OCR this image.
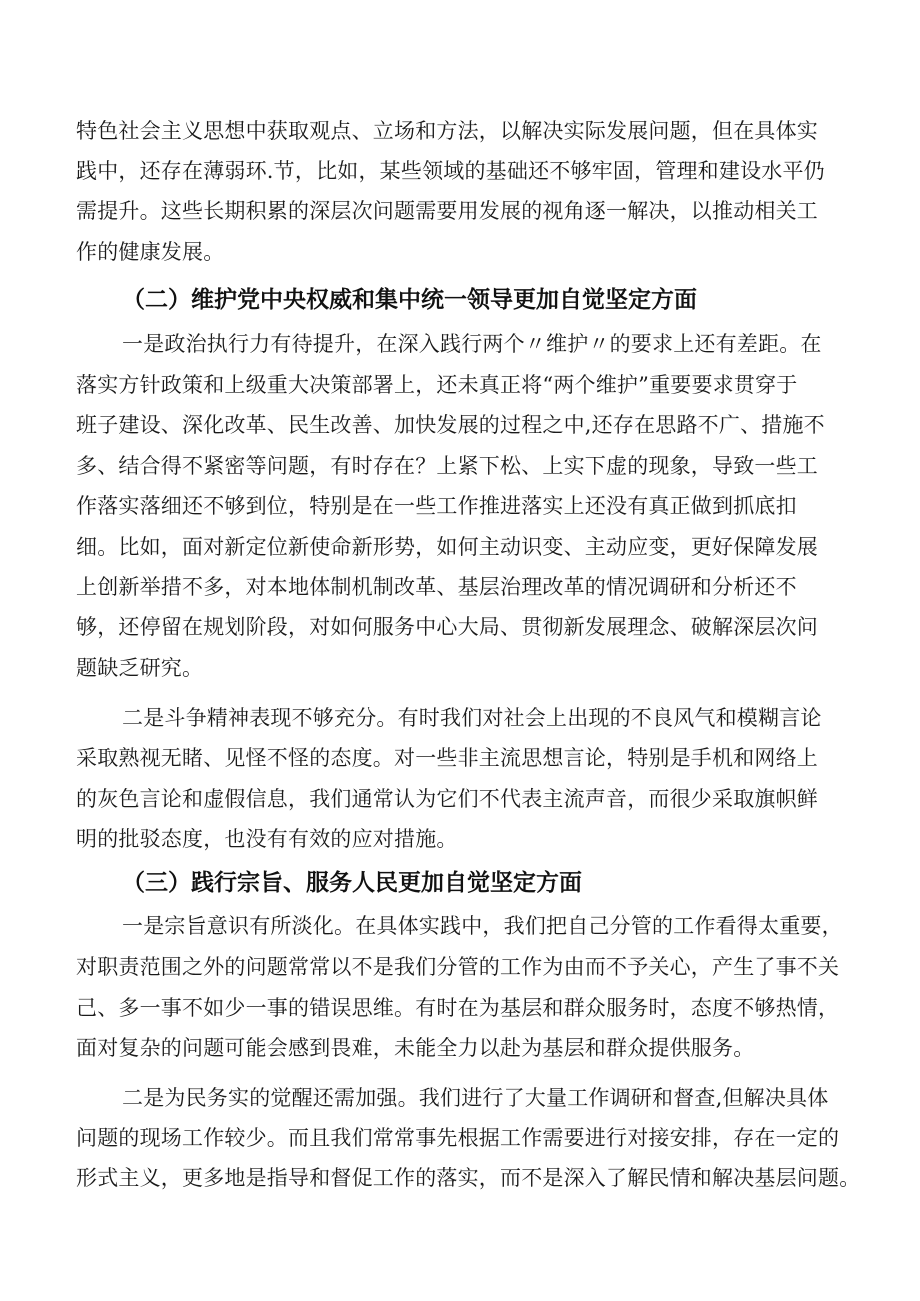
特色社会主义思想中获取观点、立场和方法，以解决实际发展问题，但在具体实
践中，还存在薄弱环.节，比如，某些领域的基础还不够牢固，管理和建设水平仍
需提升。这些长期积累的深层次问题需要用发展的视角逐一解决，以推动相关工
作的健康发展。
（二）维护党中央权威和集中统一领导更加自觉坚定方面
一是政治执行力有待提升，在深入践行两个〃维护〃的要求上还有差距。在
落实方针政策和上级重大决策部署上，还未真正将“两个维护”重要要求贯穿于
班子建设、深化改革、民生改善、加快发展的过程之中,还存在思路不广、措施不
多、结合得不紧密等问题，有时存在？上紧下松、上实下虚的现象，导致一些工
作落实落细还不够到位，特别是在一些工作推进落实上还没有真正做到抓底扣
细。比如，面对新定位新使命新形势，如何主动识变、主动应变，更好保障发展
上创新举措不多，对本地体制机制改革、基层治理改革的情况调研和分析还不
够，还停留在规划阶段，对如何服务中心大局、贯彻新发展理念、破解深层次问
题缺乏研究。
二是斗争精神表现不够充分。有时我们对社会上出现的不良风气和模糊言论
采取熟视无睹、见怪不怪的态度。对一些非主流思想言论，特别是手机和网络上
的灰色言论和虚假信息，我们通常认为它们不代表主流声音，而很少采取旗帜鲜
明的批驳态度，也没有有效的应对措施。
（三）践行宗旨、服务人民更加自觉坚定方面
一是宗旨意识有所淡化。在具体实践中，我们把自己分管的工作看得太重要，
对职责范围之外的问题常常以不是我们分管的工作为由而不予关心，产生了事不关
己、多一事不如少一事的错误思维。有时在为基层和群众服务时，态度不够热情，
面对复杂的问题可能会感到畏难，未能全力以赴为基层和群众提供服务。
二是为民务实的觉醒还需加强。我们进行了大量工作调研和督查,但解决具体
问题的现场工作较少。而且我们常常事先根据工作需要进行对接安排，存在一定的
形式主义，更多地是指导和督促工作的落实，而不是深入了解民情和解决基层问题。
